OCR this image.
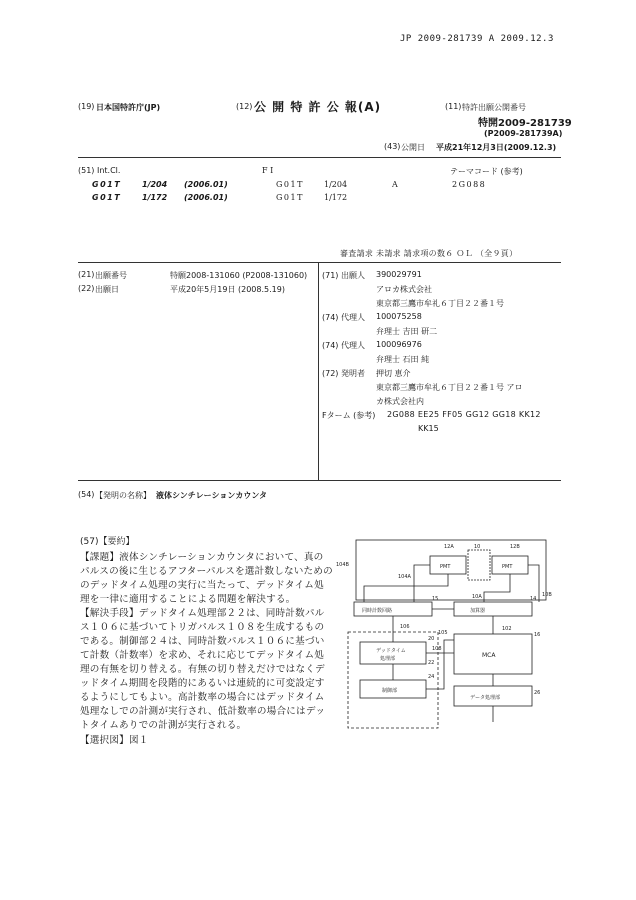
JP 2009-281739 A 2009.12.3
(19) 日本国特許庁(JP)	(12) 公 開 特 許 公 報(A)	(11) 特許出願公開番号
特開2009-281739
(P2009-281739A)
(43) 公開日 平成21年12月3日(2009.12.3)
(51) Int.Cl.	F I	テーマコード (参考)
G01T	1/204 (2006.01)	G01T	1/204	A	2G088
G01T	1/172 (2006.01)	G01T	1/172
審査請求 未請求 請求項の数６ ＯＬ （全９頁）
(21) 出願番号	特願2008-131060 (P2008-131060)
(22) 出願日	平成20年5月19日 (2008.5.19)
(71) 出願人 390029791
アロカ株式会社
東京都三鷹市牟礼６丁目２２番１号
(74) 代理人 100075258
弁理士 吉田 研二
(74) 代理人 100096976
弁理士 石田 純
(72) 発明者 押切 恵介
東京都三鷹市牟礼６丁目２２番１号 アロ
カ株式会社内
Fターム (参考) 2G088 EE25 FF05 GG12 GG18 KK12
KK15
(54) 【発明の名称】 液体シンチレーションカウンタ
(57)【要約】
【課題】液体シンチレーションカウンタにおいて、真の
パルスの後に生じるアフターパルスを選計数しないための
のデッドタイム処理の実行に当たって、デッドタイム処
理を一律に適用することによる問題を解決する。
【解決手段】デッドタイム処理部２２は、同時計数パル
ス１０６に基づいてトリガパルス１０８を生成するもの
である。制御部２４は、同時計数パルス１０６に基づい
て計数（計数率）を求め、それに応じてデッドタイム処
理の有無を切り替える。有無の切り替えだけではなくデ
ッドタイム期間を段階的にあるいは連続的に可変設定す
るようにしてもよい。高計数率の場合にはデッドタイム
処理なしでの計測が実行され、低計数率の場合にはデッ
トタイムありでの計測が実行される。
【選択図】図１
PMT	PMT
同時計数回路	加算器
デッドタイム
処理部
制御部
MCA
データ処理部
12A	10	12B
104B
104A
10A	10B
14
15
16
20
22
24
26
102
105
106
108
